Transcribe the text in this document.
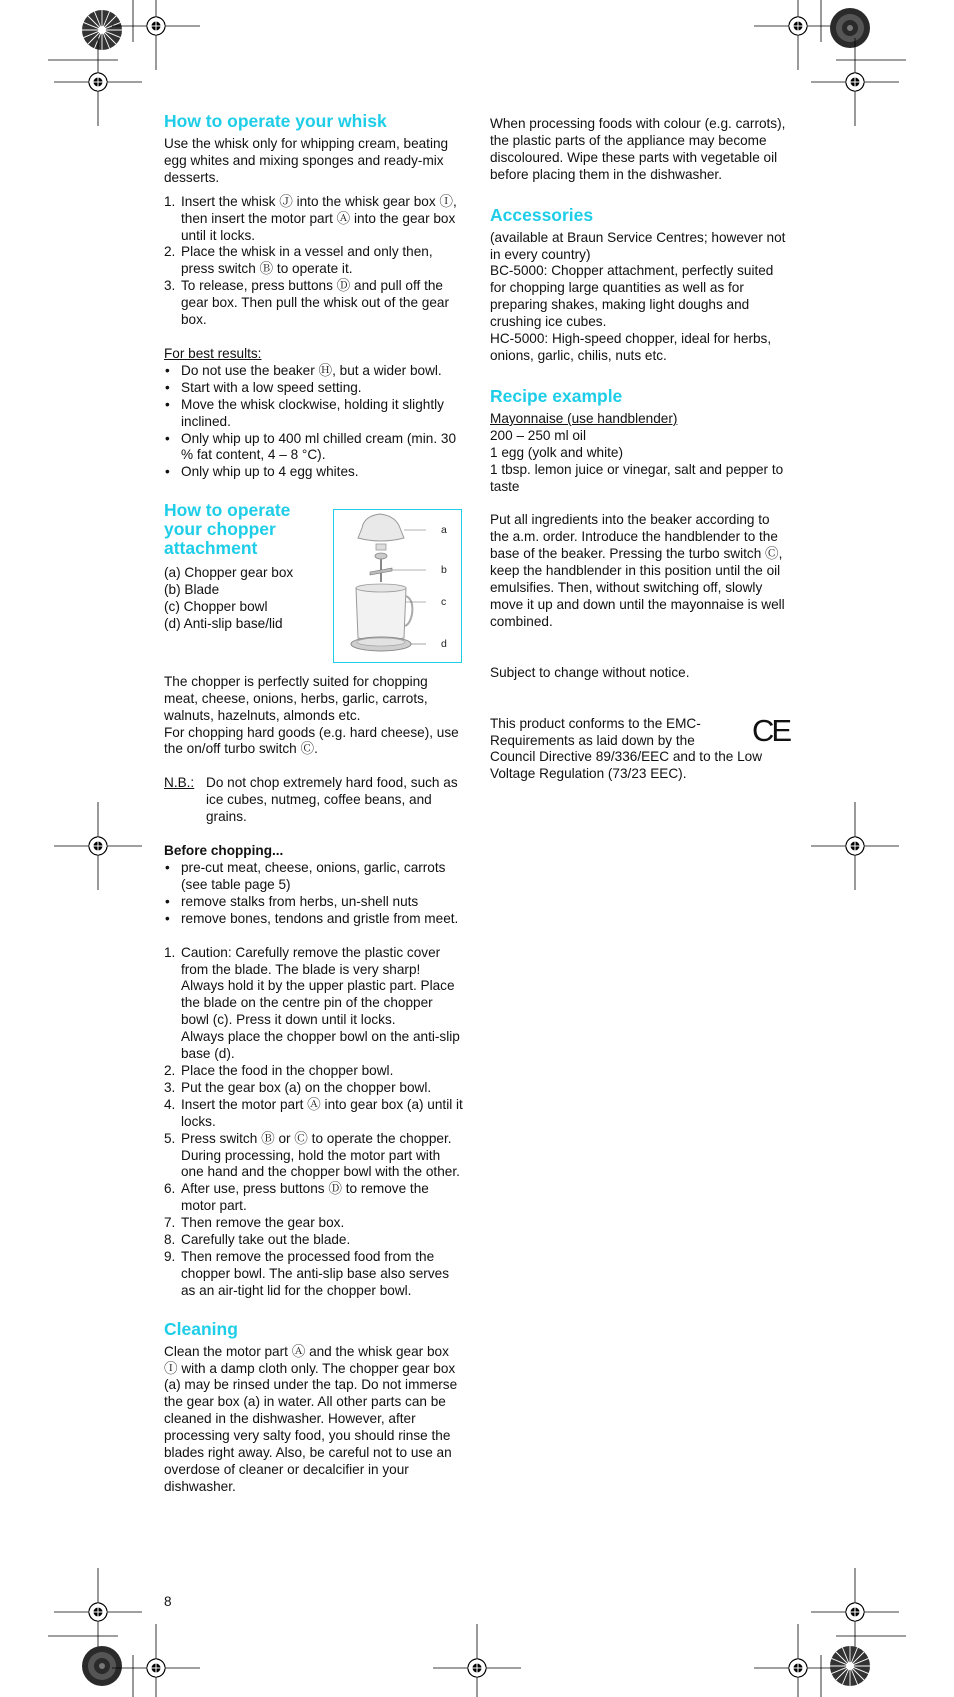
How to operate your whisk

Use the whisk only for whipping cream, beating egg whites and mixing sponges and ready-mix desserts.

1. Insert the whisk Ⓙ into the whisk gear box Ⓘ, then insert the motor part Ⓐ into the gear box until it locks.
2. Place the whisk in a vessel and only then, press switch Ⓑ to operate it.
3. To release, press buttons Ⓓ and pull off the gear box. Then pull the whisk out of the gear box.

For best results:

• Do not use the beaker Ⓗ, but a wider bowl.
• Start with a low speed setting.
• Move the whisk clockwise, holding it slightly inclined.
• Only whip up to 400 ml chilled cream (min. 30 % fat content, 4 – 8 °C).
• Only whip up to 4 egg whites.
How to operate your chopper attachment

(a) Chopper gear box

(b) Blade

(c) Chopper bowl

(d) Anti-slip base/lid

The chopper is perfectly suited for chopping meat, cheese, onions, herbs, garlic, carrots, walnuts, hazelnuts, almonds etc.

For chopping hard goods (e.g. hard cheese), use the on/off turbo switch Ⓒ.

N.B.: Do not chop extremely hard food, such as ice cubes, nutmeg, coffee beans, and grains.

Before chopping...

• pre-cut meat, cheese, onions, garlic, carrots (see table page 5)
• remove stalks from herbs, un-shell nuts
• remove bones, tendons and gristle from meet.
1. Caution: Carefully remove the plastic cover from the blade. The blade is very sharp!
Always hold it by the upper plastic part. Place the blade on the centre pin of the chopper bowl (c). Press it down until it locks.
Always place the chopper bowl on the anti-slip base (d).
2. Place the food in the chopper bowl.
3. Put the gear box (a) on the chopper bowl.
4. Insert the motor part Ⓐ into gear box (a) until it locks.
5. Press switch Ⓑ or Ⓒ to operate the chopper. During processing, hold the motor part with one hand and the chopper bowl with the other.
6. After use, press buttons Ⓓ to remove the motor part.
7. Then remove the gear box.
8. Carefully take out the blade.
9. Then remove the processed food from the chopper bowl. The anti-slip base also serves as an air-tight lid for the chopper bowl.
Cleaning

Clean the motor part Ⓐ and the whisk gear box Ⓘ with a damp cloth only. The chopper gear box (a) may be rinsed under the tap. Do not immerse the gear box (a) in water. All other parts can be cleaned in the dishwasher. However, after processing very salty food, you should rinse the blades right away. Also, be careful not to use an overdose of cleaner or decalcifier in your dishwasher.

a
b
c
d

When processing foods with colour (e.g. carrots), the plastic parts of the appliance may become discoloured. Wipe these parts with vegetable oil before placing them in the dishwasher.

Accessories

(available at Braun Service Centres; however not in every country)

BC-5000: Chopper attachment, perfectly suited for chopping large quantities as well as for preparing shakes, making light doughs and crushing ice cubes.

HC-5000: High-speed chopper, ideal for herbs, onions, garlic, chilis, nuts etc.

Recipe example

Mayonnaise (use handblender)

200 – 250 ml oil

1 egg (yolk and white)

1 tbsp. lemon juice or vinegar, salt and pepper to taste

Put all ingredients into the beaker according to the a.m. order. Introduce the handblender to the base of the beaker. Pressing the turbo switch Ⓒ, keep the handblender in this position until the oil emulsifies. Then, without switching off, slowly move it up and down until the mayonnaise is well combined.

Subject to change without notice.

This product conforms to the EMC-

Requirements as laid down by the

Council Directive 89/336/EEC and to the Low Voltage Regulation (73/23 EEC).

CE
8
